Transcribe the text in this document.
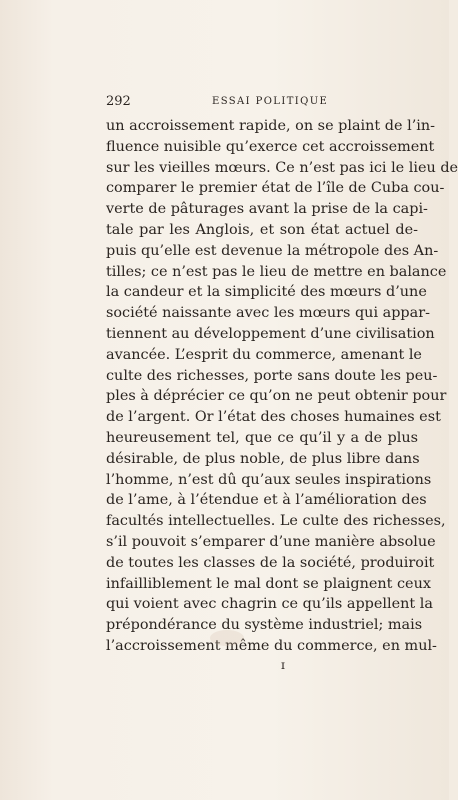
292	ESSAI POLITIQUE
un accroissement rapide, on se plaint de l’in-
fluence nuisible qu’exerce cet accroissement
sur les vieilles mœurs. Ce n’est pas ici le lieu de
comparer le premier état de l’île de Cuba cou-
verte de pâturages avant la prise de la capi-
tale par les Anglois, et son état actuel de-
puis qu’elle est devenue la métropole des An-
tilles; ce n’est pas le lieu de mettre en balance
la candeur et la simplicité des mœurs d’une
société naissante avec les mœurs qui appar-
tiennent au développement d’une civilisation
avancée. L’esprit du commerce, amenant le
culte des richesses, porte sans doute les peu-
ples à déprécier ce qu’on ne peut obtenir pour
de l’argent. Or l’état des choses humaines est
heureusement tel, que ce qu’il y a de plus
désirable, de plus noble, de plus libre dans
l’homme, n’est dû qu’aux seules inspirations
de l’ame, à l’étendue et à l’amélioration des
facultés intellectuelles. Le culte des richesses,
s’il pouvoit s’emparer d’une manière absolue
de toutes les classes de la société, produiroit
infailliblement le mal dont se plaignent ceux
qui voient avec chagrin ce qu’ils appellent la
prépondérance du système industriel; mais
l’accroissement même du commerce, en mul-
ɪ
